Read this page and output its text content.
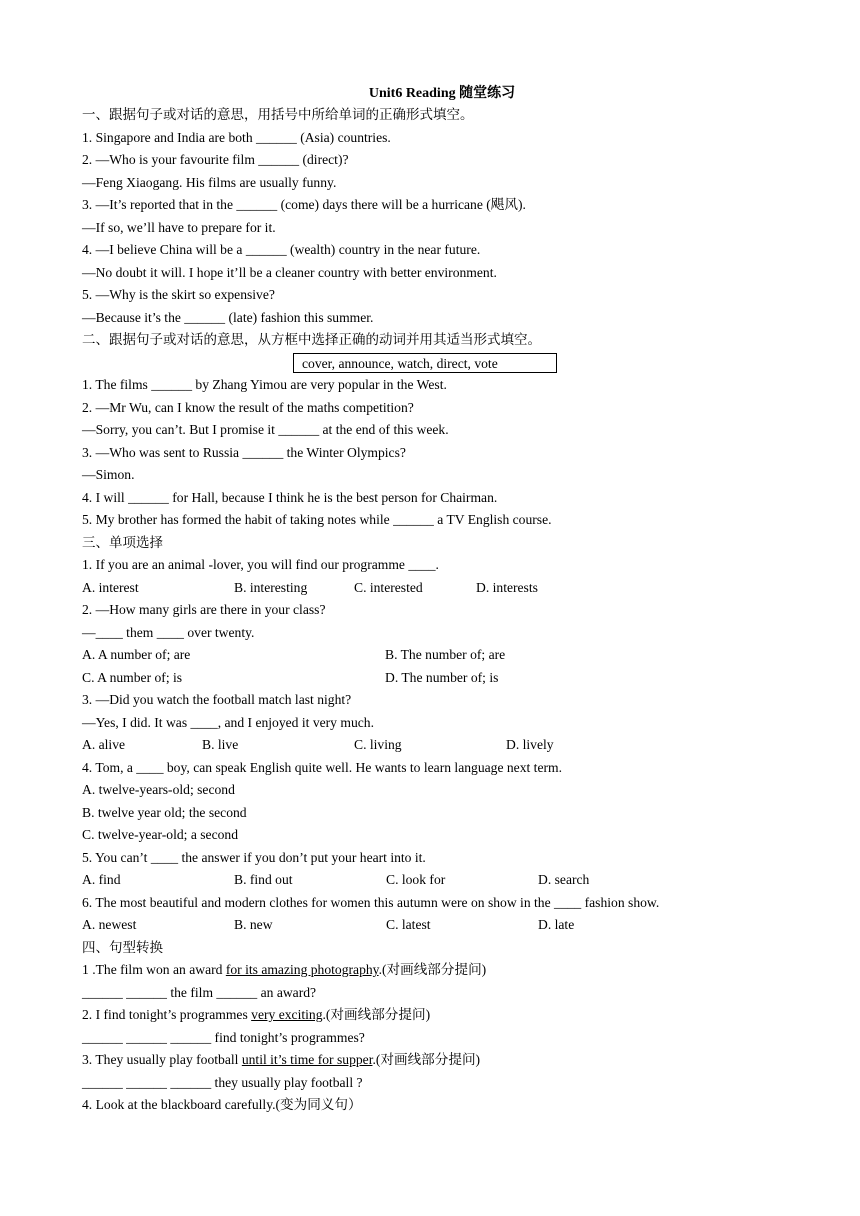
Unit6 Reading 随堂练习
一、跟据句子或对话的意思，用括号中所给单词的正确形式填空。
1. Singapore and India are both ______ (Asia) countries.
2. —Who is your favourite film ______ (direct)?
—Feng Xiaogang. His films are usually funny.
3. —It’s reported that in the ______ (come) days there will be a hurricane (飓风).
—If so, we’ll have to prepare for it.
4. —I believe China will be a ______ (wealth) country in the near future.
—No doubt it will. I hope it’ll be a cleaner country with better environment.
5. —Why is the skirt so expensive?
—Because it’s the ______ (late) fashion this summer.
二、跟据句子或对话的意思，从方框中选择正确的动词并用其适当形式填空。
cover, announce, watch, direct, vote
1. The films ______ by Zhang Yimou are very popular in the West.
2. —Mr Wu, can I know the result of the maths competition?
—Sorry, you can’t. But I promise it ______ at the end of this week.
3. —Who was sent to Russia ______ the Winter Olympics?
—Simon.
4. I will ______ for Hall, because I think he is the best person for Chairman.
5. My brother has formed the habit of taking notes while ______ a TV English course.
三、单项选择
1. If you are an animal -lover, you will find our programme ____.
A. interest	B. interesting	C. interested	D. interests
2. —How many girls are there in your class?
—____ them ____ over twenty.
A. A number of; are	B. The number of; are
C. A number of; is	D. The number of; is
3. —Did you watch the football match last night?
—Yes, I did. It was ____, and I enjoyed it very much.
A. alive	B. live	C. living	D. lively
4. Tom, a ____ boy, can speak English quite well. He wants to learn language next term.
A. twelve-years-old; second
B. twelve year old; the second
C. twelve-year-old; a second
5. You can’t ____ the answer if you don’t put your heart into it.
A. find	B. find out	C. look for	D. search
6. The most beautiful and modern clothes for women this autumn were on show in the ____ fashion show.
A. newest	B. new	C. latest	D. late
四、句型转换
1 .The film won an award for its amazing photography.(对画线部分提问)
______ ______ the film ______ an award?
2. I find tonight’s programmes very exciting.(对画线部分提问)
______ ______ ______ find tonight’s programmes?
3. They usually play football until it’s time for supper.(对画线部分提问)
______ ______ ______ they usually play football ?
4. Look at the blackboard carefully.(变为同义句）
